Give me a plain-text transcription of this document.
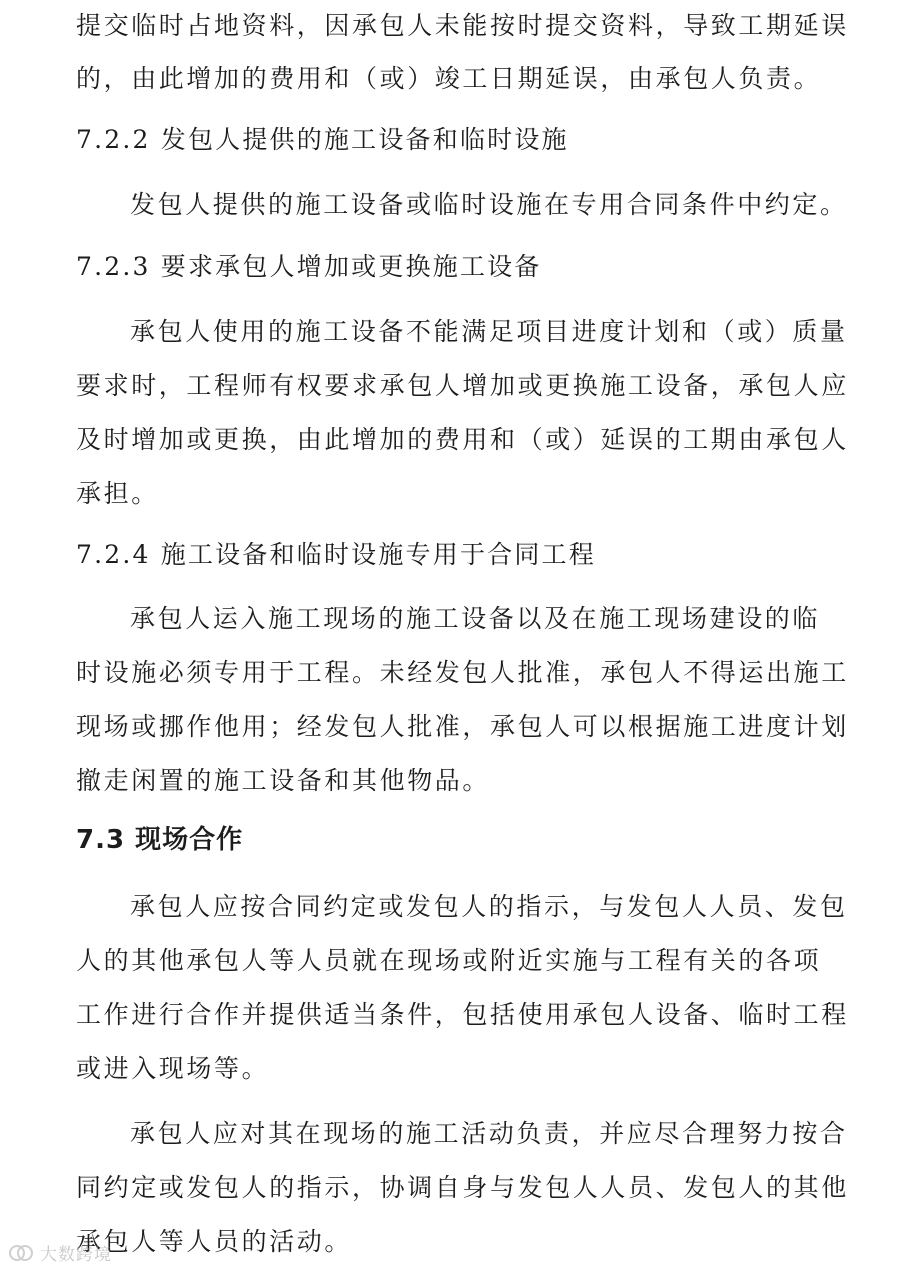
提交临时占地资料，因承包人未能按时提交资料，导致工期延误

的，由此增加的费用和（或）竣工日期延误，由承包人负责。

7.2.2 发包人提供的施工设备和临时设施

发包人提供的施工设备或临时设施在专用合同条件中约定。

7.2.3 要求承包人增加或更换施工设备

承包人使用的施工设备不能满足项目进度计划和（或）质量

要求时，工程师有权要求承包人增加或更换施工设备，承包人应

及时增加或更换，由此增加的费用和（或）延误的工期由承包人

承担。

7.2.4 施工设备和临时设施专用于合同工程

承包人运入施工现场的施工设备以及在施工现场建设的临

时设施必须专用于工程。未经发包人批准，承包人不得运出施工

现场或挪作他用；经发包人批准，承包人可以根据施工进度计划

撤走闲置的施工设备和其他物品。

7.3 现场合作

承包人应按合同约定或发包人的指示，与发包人人员、发包

人的其他承包人等人员就在现场或附近实施与工程有关的各项

工作进行合作并提供适当条件，包括使用承包人设备、临时工程

或进入现场等。

承包人应对其在现场的施工活动负责，并应尽合理努力按合

同约定或发包人的指示，协调自身与发包人人员、发包人的其他

承包人等人员的活动。

大数跨境
